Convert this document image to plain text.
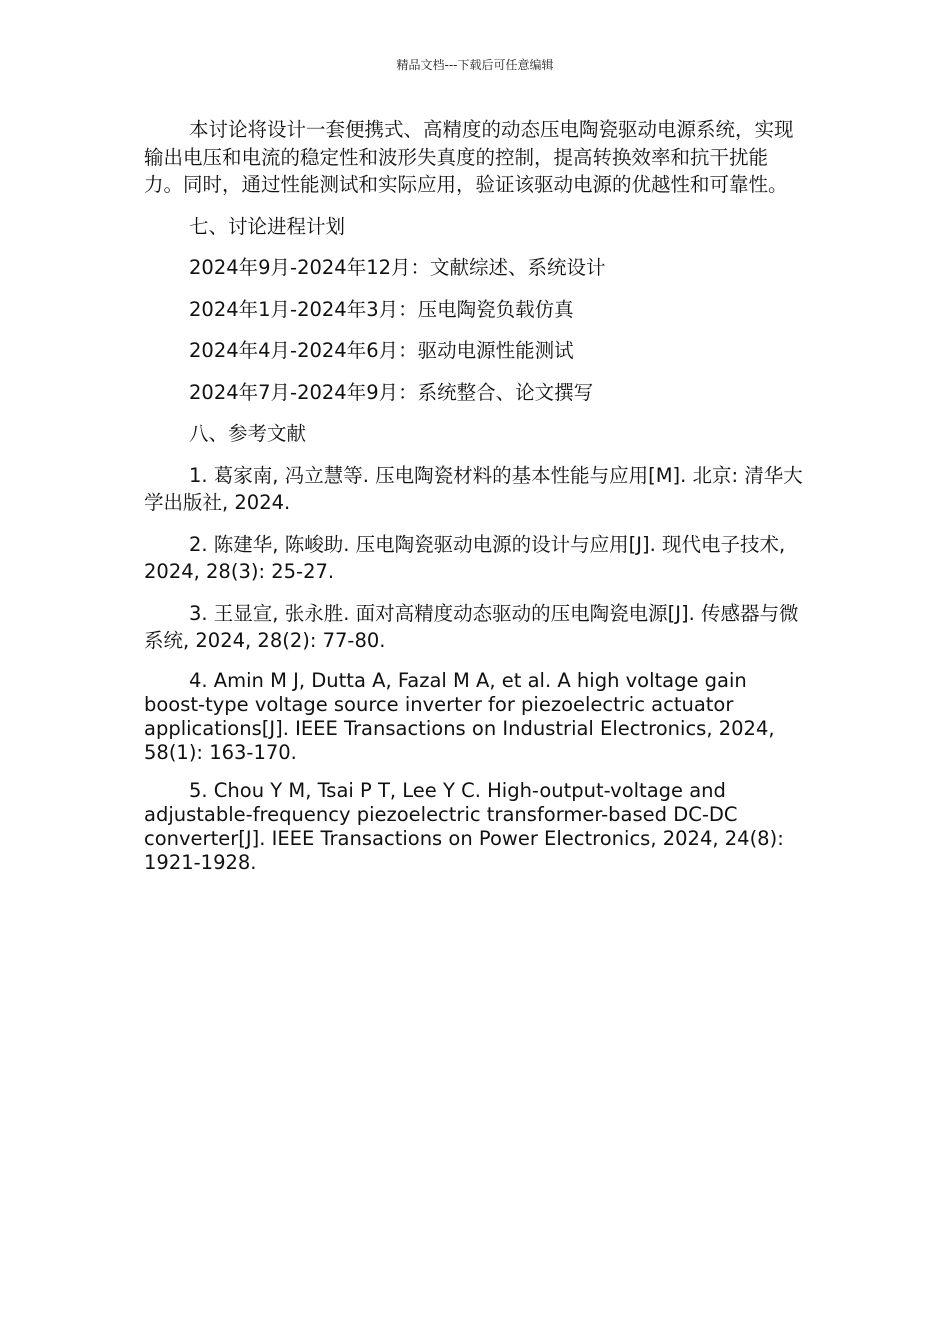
精品文档---下载后可任意编辑

本讨论将设计一套便携式、高精度的动态压电陶瓷驱动电源系统，实现输出电压和电流的稳定性和波形失真度的控制，提高转换效率和抗干扰能力。同时，通过性能测试和实际应用，验证该驱动电源的优越性和可靠性。

七、讨论进程计划

2024年9月-2024年12月：文献综述、系统设计

2024年1月-2024年3月：压电陶瓷负载仿真

2024年4月-2024年6月：驱动电源性能测试

2024年7月-2024年9月：系统整合、论文撰写

八、参考文献

1. 葛家南, 冯立慧等. 压电陶瓷材料的基本性能与应用[M]. 北京: 清华大学出版社, 2024.

2. 陈建华, 陈峻助. 压电陶瓷驱动电源的设计与应用[J]. 现代电子技术, 2024, 28(3): 25-27.

3. 王显宣, 张永胜. 面对高精度动态驱动的压电陶瓷电源[J]. 传感器与微系统, 2024, 28(2): 77-80.

4. Amin M J, Dutta A, Fazal M A, et al. A high voltage gain boost-type voltage source inverter for piezoelectric actuator applications[J]. IEEE Transactions on Industrial Electronics, 2024, 58(1): 163-170.

5. Chou Y M, Tsai P T, Lee Y C. High-output-voltage and adjustable-frequency piezoelectric transformer-based DC-DC converter[J]. IEEE Transactions on Power Electronics, 2024, 24(8): 1921-1928.
